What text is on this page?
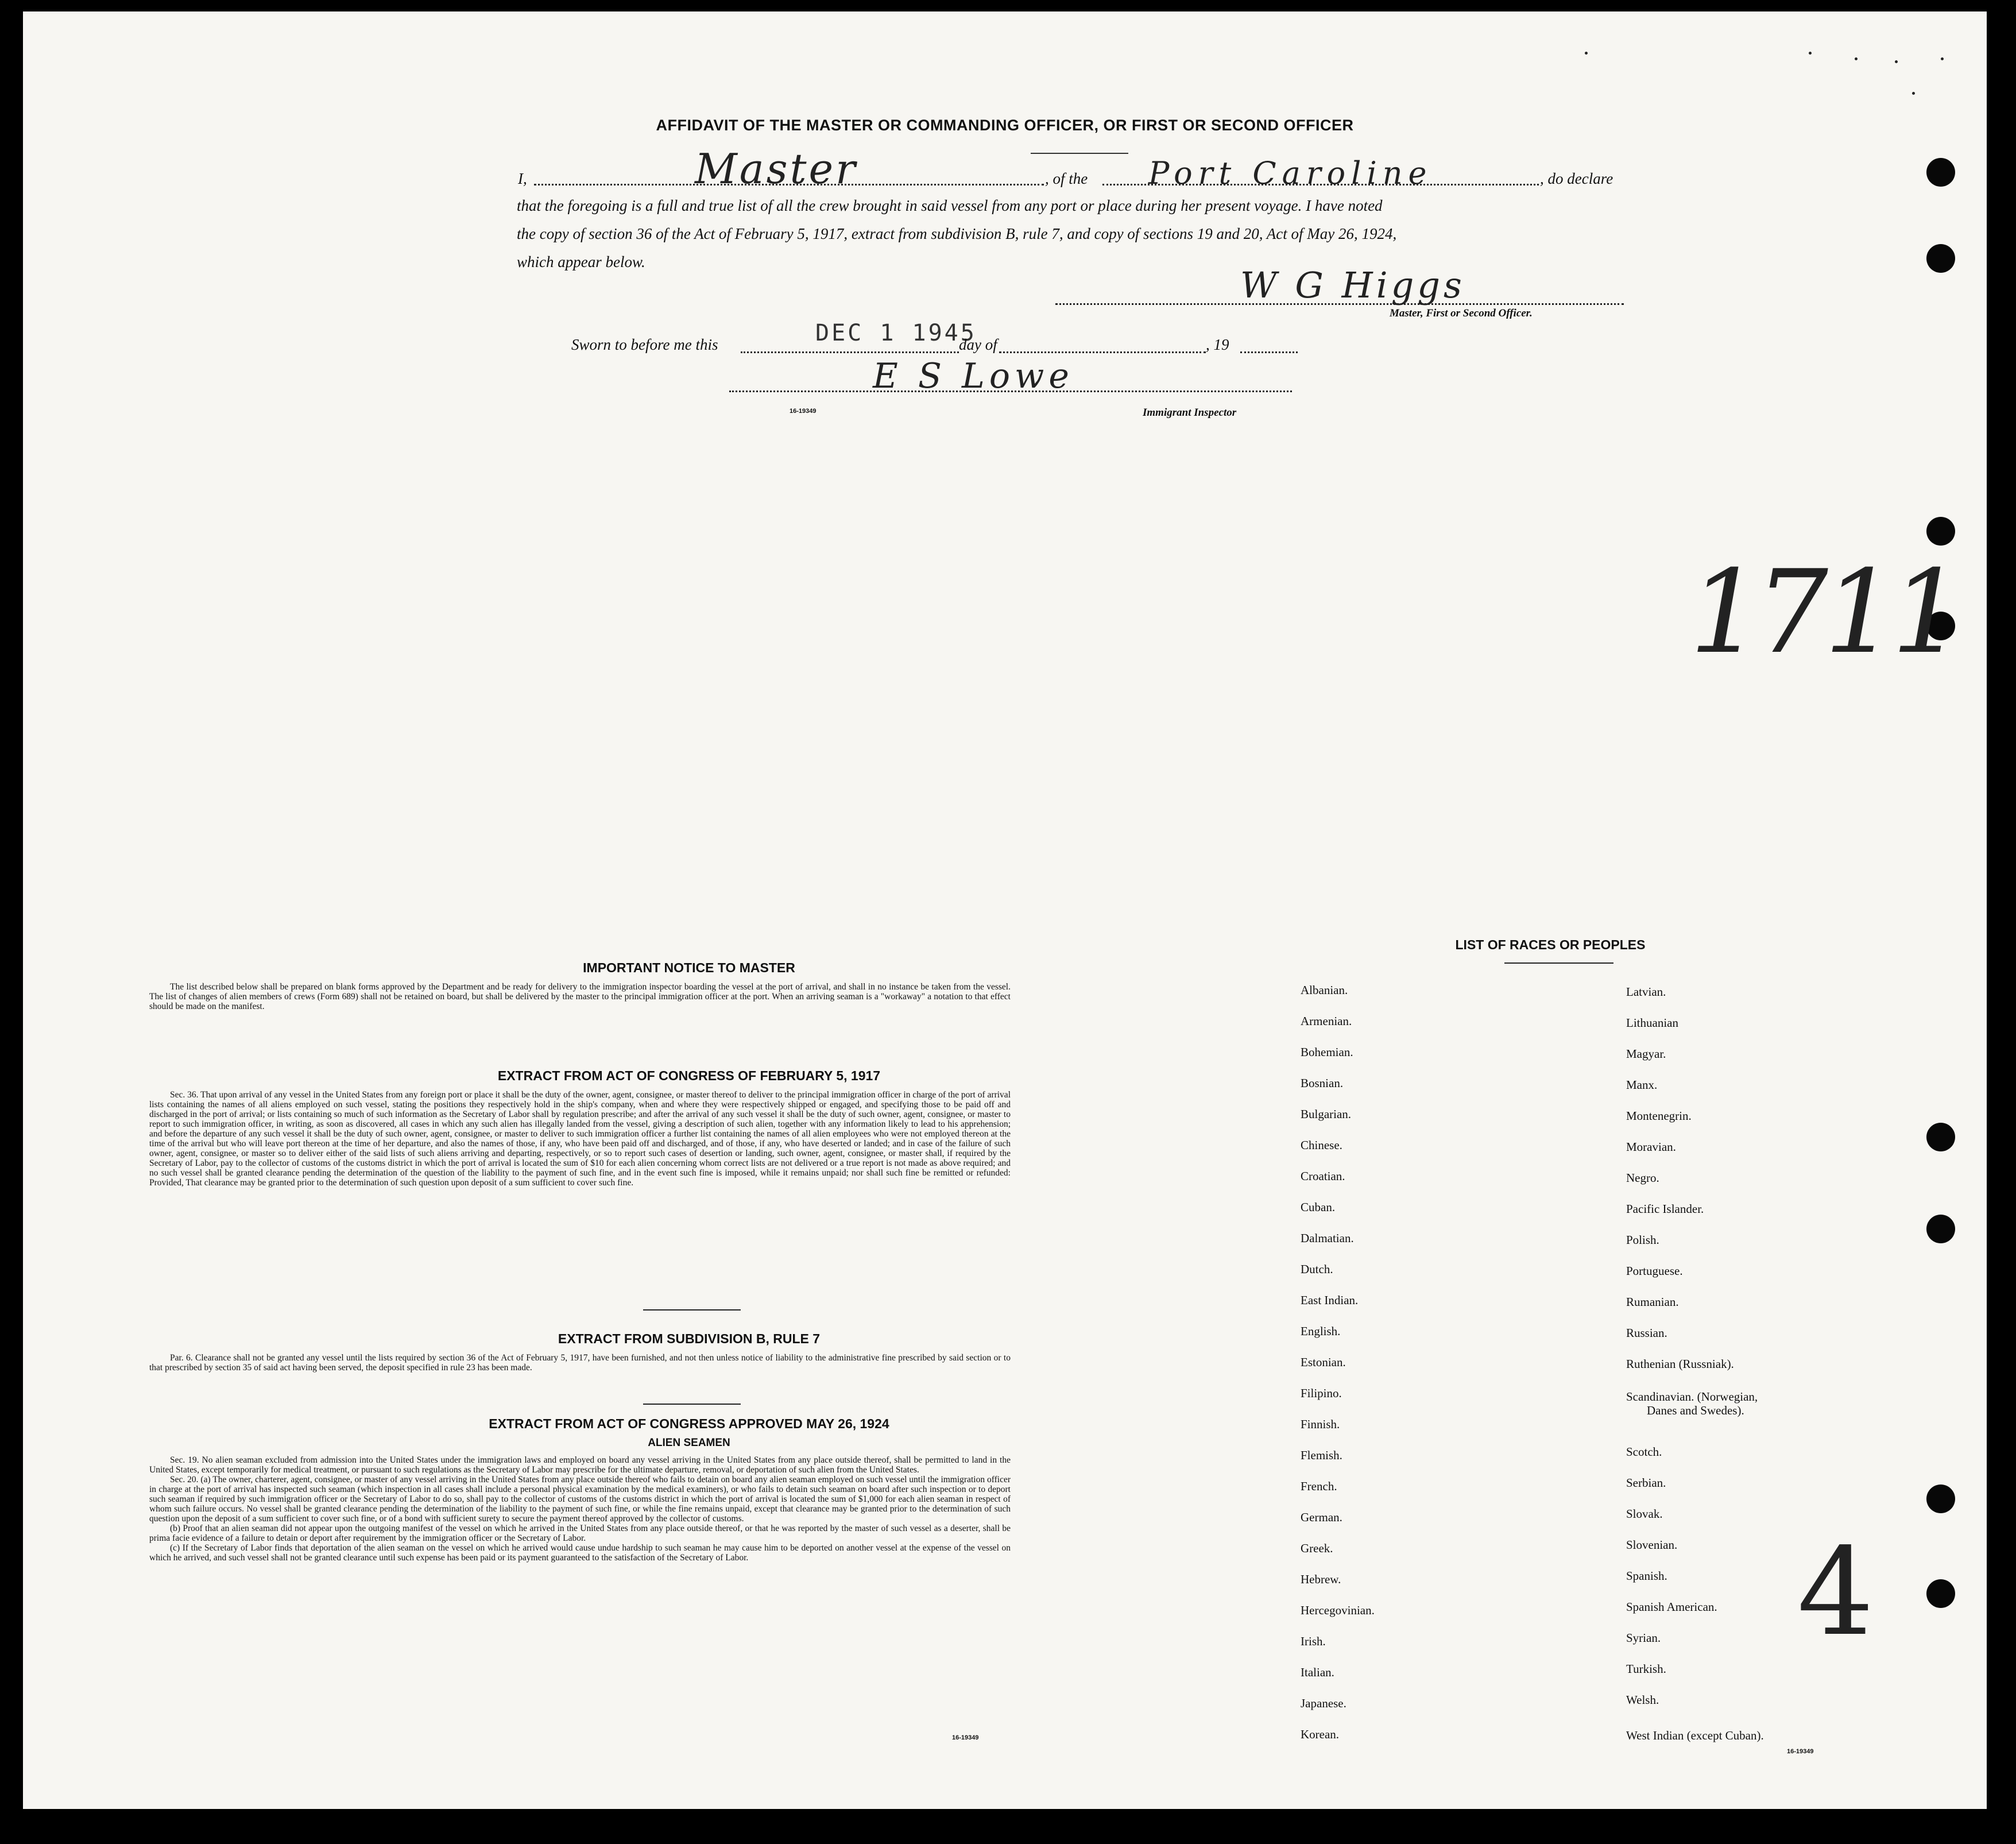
AFFIDAVIT OF THE MASTER OR COMMANDING OFFICER, OR FIRST OR SECOND OFFICER
I,	Master	, of the Port Caroline	, do declare
that the foregoing is a full and true list of all the crew brought in said vessel from any port or place during her present voyage. I have noted
the copy of section 36 of the Act of February 5, 1917, extract from subdivision B, rule 7, and copy of sections 19 and 20, Act of May 26, 1924,
which appear below.
W G Higgs
Master, First or Second Officer.
Sworn to before me this	DEC 1 1945
day of	, 19
E S Lowe
16-19349	Immigrant Inspector
1711
4
IMPORTANT NOTICE TO MASTER

The list described below shall be prepared on blank forms approved by the Department and be ready for delivery to the immigration inspector boarding the vessel at the port of arrival, and shall in no instance be taken from the vessel. The list of changes of alien members of crews (Form 689) shall not be retained on board, but shall be delivered by the master to the principal immigration officer at the port. When an arriving seaman is a "workaway" a notation to that effect should be made on the manifest.

EXTRACT FROM ACT OF CONGRESS OF FEBRUARY 5, 1917

Sec. 36. That upon arrival of any vessel in the United States from any foreign port or place it shall be the duty of the owner, agent, consignee, or master thereof to deliver to the principal immigration officer in charge of the port of arrival lists containing the names of all aliens employed on such vessel, stating the positions they respectively hold in the ship's company, when and where they were respectively shipped or engaged, and specifying those to be paid off and discharged in the port of arrival; or lists containing so much of such information as the Secretary of Labor shall by regulation prescribe; and after the arrival of any such vessel it shall be the duty of such owner, agent, consignee, or master to report to such immigration officer, in writing, as soon as discovered, all cases in which any such alien has illegally landed from the vessel, giving a description of such alien, together with any information likely to lead to his apprehension; and before the departure of any such vessel it shall be the duty of such owner, agent, consignee, or master to deliver to such immigration officer a further list containing the names of all alien employees who were not employed thereon at the time of the arrival but who will leave port thereon at the time of her departure, and also the names of those, if any, who have been paid off and discharged, and of those, if any, who have deserted or landed; and in case of the failure of such owner, agent, consignee, or master so to deliver either of the said lists of such aliens arriving and departing, respectively, or so to report such cases of desertion or landing, such owner, agent, consignee, or master shall, if required by the Secretary of Labor, pay to the collector of customs of the customs district in which the port of arrival is located the sum of $10 for each alien concerning whom correct lists are not delivered or a true report is not made as above required; and no such vessel shall be granted clearance pending the determination of the question of the liability to the payment of such fine, and in the event such fine is imposed, while it remains unpaid; nor shall such fine be remitted or refunded: Provided, That clearance may be granted prior to the determination of such question upon deposit of a sum sufficient to cover such fine.

EXTRACT FROM SUBDIVISION B, RULE 7

Par. 6. Clearance shall not be granted any vessel until the lists required by section 36 of the Act of February 5, 1917, have been furnished, and not then unless notice of liability to the administrative fine prescribed by said section or to that prescribed by section 35 of said act having been served, the deposit specified in rule 23 has been made.

EXTRACT FROM ACT OF CONGRESS APPROVED MAY 26, 1924
ALIEN SEAMEN

Sec. 19. No alien seaman excluded from admission into the United States under the immigration laws and employed on board any vessel arriving in the United States from any place outside thereof, shall be permitted to land in the United States, except temporarily for medical treatment, or pursuant to such regulations as the Secretary of Labor may prescribe for the ultimate departure, removal, or deportation of such alien from the United States.

Sec. 20. (a) The owner, charterer, agent, consignee, or master of any vessel arriving in the United States from any place outside thereof who fails to detain on board any alien seaman employed on such vessel until the immigration officer in charge at the port of arrival has inspected such seaman (which inspection in all cases shall include a personal physical examination by the medical examiners), or who fails to detain such seaman on board after such inspection or to deport such seaman if required by such immigration officer or the Secretary of Labor to do so, shall pay to the collector of customs of the customs district in which the port of arrival is located the sum of $1,000 for each alien seaman in respect of whom such failure occurs. No vessel shall be granted clearance pending the determination of the liability to the payment of such fine, or while the fine remains unpaid, except that clearance may be granted prior to the determination of such question upon the deposit of a sum sufficient to cover such fine, or of a bond with sufficient surety to secure the payment thereof approved by the collector of customs.

(b) Proof that an alien seaman did not appear upon the outgoing manifest of the vessel on which he arrived in the United States from any place outside thereof, or that he was reported by the master of such vessel as a deserter, shall be prima facie evidence of a failure to detain or deport after requirement by the immigration officer or the Secretary of Labor.

(c) If the Secretary of Labor finds that deportation of the alien seaman on the vessel on which he arrived would cause undue hardship to such seaman he may cause him to be deported on another vessel at the expense of the vessel on which he arrived, and such vessel shall not be granted clearance until such expense has been paid or its payment guaranteed to the satisfaction of the Secretary of Labor.

16-19349
LIST OF RACES OR PEOPLES
Albanian.
Armenian.
Bohemian.
Bosnian.
Bulgarian.
Chinese.
Croatian.
Cuban.
Dalmatian.
Dutch.
East Indian.
English.
Estonian.
Filipino.
Finnish.
Flemish.
French.
German.
Greek.
Hebrew.
Hercegovinian.
Irish.
Italian.
Japanese.
Korean.
Latvian.
Lithuanian
Magyar.
Manx.
Montenegrin.
Moravian.
Negro.
Pacific Islander.
Polish.
Portuguese.
Rumanian.
Russian.
Ruthenian (Russniak).
Scandinavian. (Norwegian,
Danes and Swedes).
Scotch.
Serbian.
Slovak.
Slovenian.
Spanish.
Spanish American.
Syrian.
Turkish.
Welsh.
West Indian (except Cuban).
16-19349
